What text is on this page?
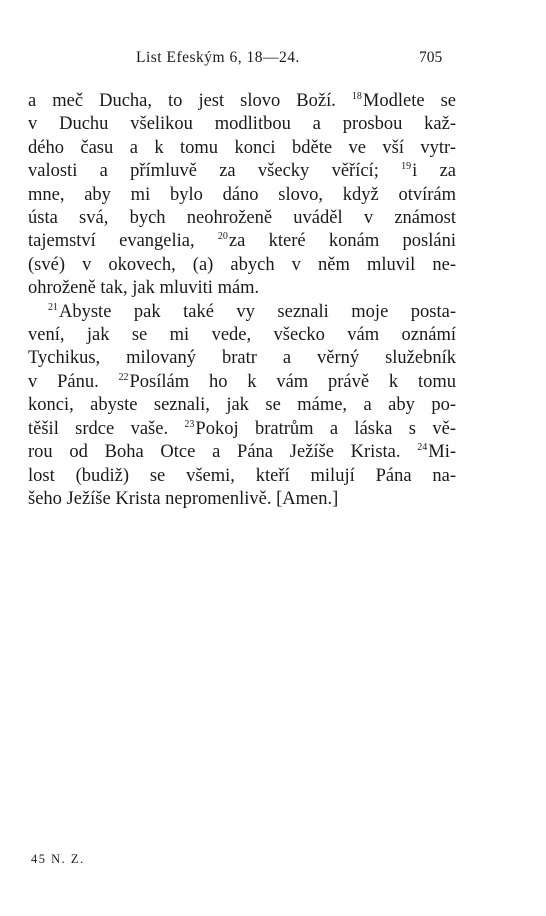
List Efeským 6, 18—24.	705
a meč Ducha, to jest slovo Boží. $^{18}$Modlete se
v Duchu všelikou modlitbou a prosbou kaž-
dého času a k tomu konci bděte ve vší vytr-
valosti a přímluvě za všecky věřící; $^{19}$i za
mne, aby mi bylo dáno slovo, když otvírám
ústa svá, bych neohroženě uváděl v známost
tajemství evangelia, $^{20}$za které konám posláni
(své) v okovech, (a) abych v něm mluvil ne-
ohroženě tak, jak mluviti mám.
$^{21}$Abyste pak také vy seznali moje posta-
vení, jak se mi vede, všecko vám oznámí
Tychikus, milovaný bratr a věrný služebník
v Pánu. $^{22}$Posílám ho k vám právě k tomu
konci, abyste seznali, jak se máme, a aby po-
těšil srdce vaše. $^{23}$Pokoj bratrům a láska s vě-
rou od Boha Otce a Pána Ježíše Krista. $^{24}$Mi-
lost (budiž) se všemi, kteří milují Pána na-
šeho Ježíše Krista nepromenlivě. [Amen.]
45 N. Z.
